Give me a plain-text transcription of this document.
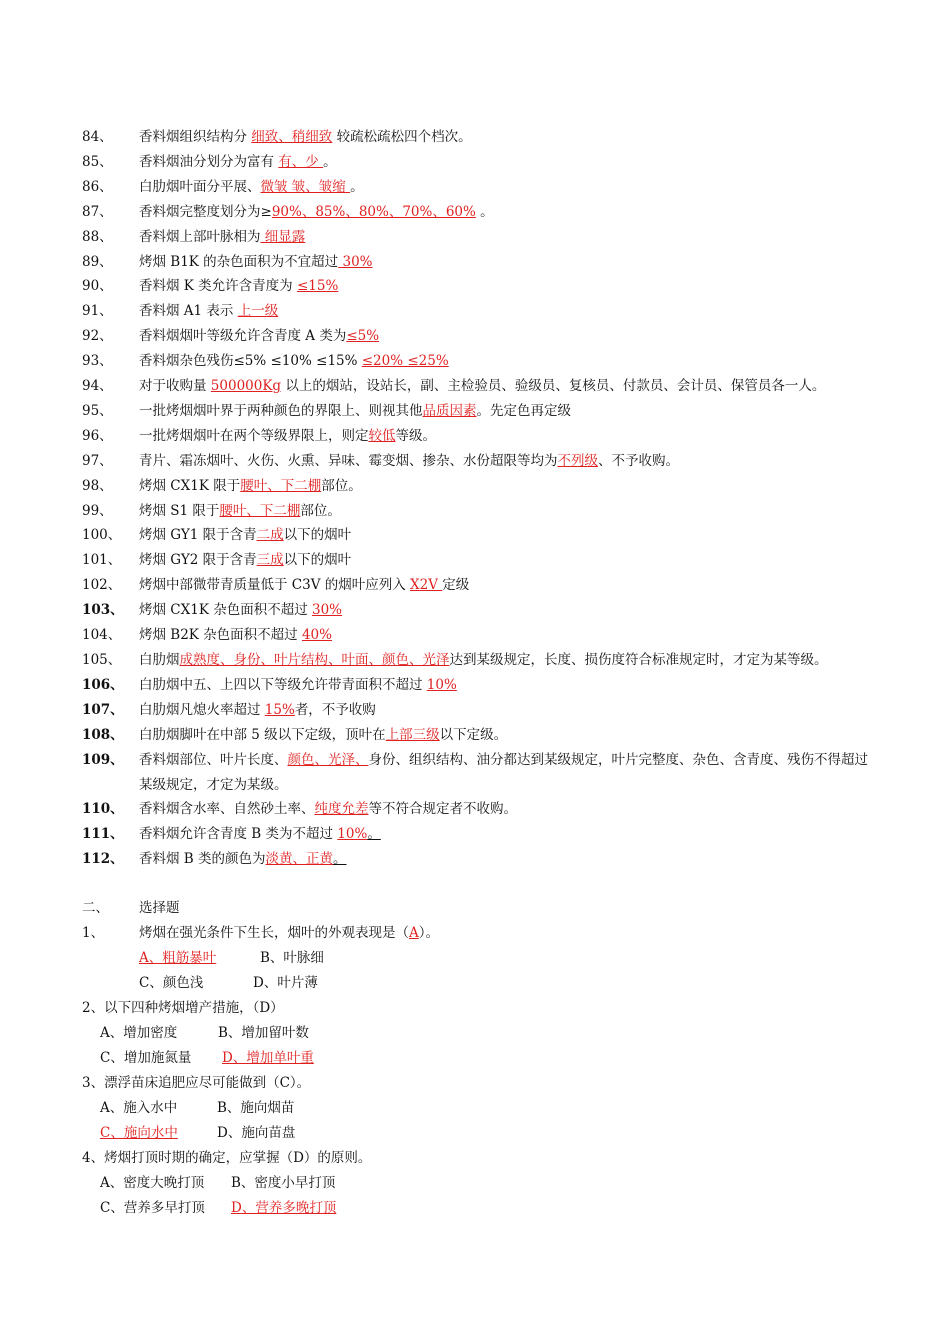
84、	香料烟组织结构分 细致、稍细致 较疏松疏松四个档次。
85、	香料烟油分划分为富有 有、少 。
86、	白肋烟叶面分平展、微皱 皱、皱缩 。
87、	香料烟完整度划分为≥90%、85%、80%、70%、60% 。
88、	香料烟上部叶脉相为 细显露
89、	烤烟 B1K 的杂色面积为不宜超过 30%
90、	香料烟 K 类允许含青度为 ≤15%
91、	香料烟 A1 表示 上一级
92、	香料烟烟叶等级允许含青度 A 类为≤5%
93、	香料烟杂色残伤≤5% ≤10% ≤15% ≤20% ≤25%
94、	对于收购量 500000Kg 以上的烟站，设站长，副、主检验员、验级员、复核员、付款员、会计员、保管员各一人。
95、	一批烤烟烟叶界于两种颜色的界限上、则视其他品质因素。先定色再定级
96、	一批烤烟烟叶在两个等级界限上，则定较低等级。
97、	青片、霜冻烟叶、火伤、火熏、异味、霉变烟、掺杂、水份超限等均为不列级、不予收购。
98、	烤烟 CX1K 限于腰叶、下二棚部位。
99、	烤烟 S1 限于腰叶、下二棚部位。
100、	烤烟 GY1 限于含青二成以下的烟叶
101、	烤烟 GY2 限于含青三成以下的烟叶
102、	烤烟中部微带青质量低于 C3V 的烟叶应列入 X2V 定级
103、	烤烟 CX1K 杂色面积不超过 30%
104、	烤烟 B2K 杂色面积不超过 40%
105、	白肋烟成熟度、身份、叶片结构、叶面、颜色、光泽达到某级规定，长度、损伤度符合标准规定时，才定为某等级。
106、	白肋烟中五、上四以下等级允许带青面积不超过 10%
107、	白肋烟凡熄火率超过 15%者，不予收购
108、	白肋烟脚叶在中部 5 级以下定级，顶叶在上部三级以下定级。
109、	香料烟部位、叶片长度、颜色、光泽、身份、组织结构、油分都达到某级规定，叶片完整度、杂色、含青度、残伤不得超过某级规定，才定为某级。
110、	香料烟含水率、自然砂土率、纯度允差等不符合规定者不收购。
111、	香料烟允许含青度 B 类为不超过 10%。
112、	香料烟 B 类的颜色为淡黄、正黄。
二、	选择题
1、	烤烟在强光条件下生长，烟叶的外观表现是（A）。
A、粗筋暴叶	B、叶脉细
C、颜色浅	D、叶片薄
2、以下四种烤烟增产措施，（D）
A、增加密度	B、增加留叶数
C、增加施氮量 D、增加单叶重
3、漂浮苗床追肥应尽可能做到（C）。
A、施入水中	B、施向烟苗
C、施向水中	D、施向苗盘
4、烤烟打顶时期的确定，应掌握（D）的原则。
A、密度大晚打顶 B、密度小早打顶
C、营养多早打顶 D、营养多晚打顶
